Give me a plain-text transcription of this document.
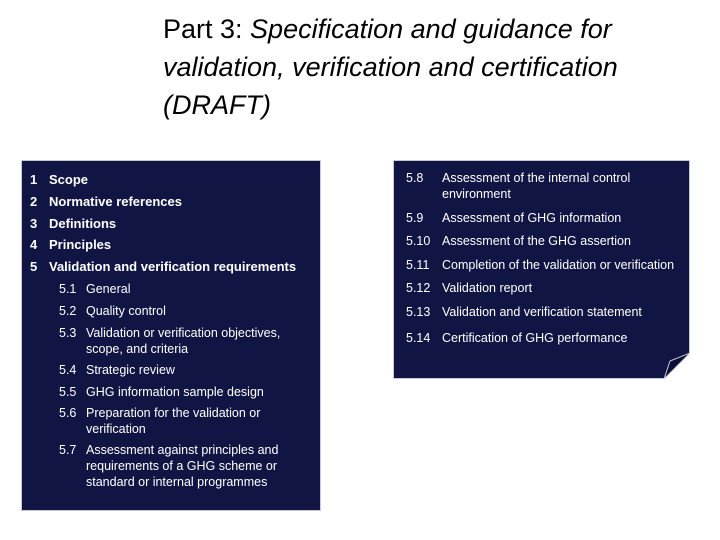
Part 3: Specification and guidance for validation, verification and certification (DRAFT)
1 Scope
2 Normative references
3 Definitions
4 Principles
5 Validation and verification requirements
5.1 General
5.2 Quality control
5.3 Validation or verification objectives, scope, and criteria
5.4 Strategic review
5.5 GHG information sample design
5.6 Preparation for the validation or verification
5.7 Assessment against principles and requirements of a GHG scheme or standard or internal programmes
5.8	Assessment of the internal control environment
5.9	Assessment of GHG information
5.10 Assessment of the GHG assertion
5.11	Completion of the validation or verification
5.12 Validation report
5.13 Validation and verification statement
5.14 Certification of GHG performance
